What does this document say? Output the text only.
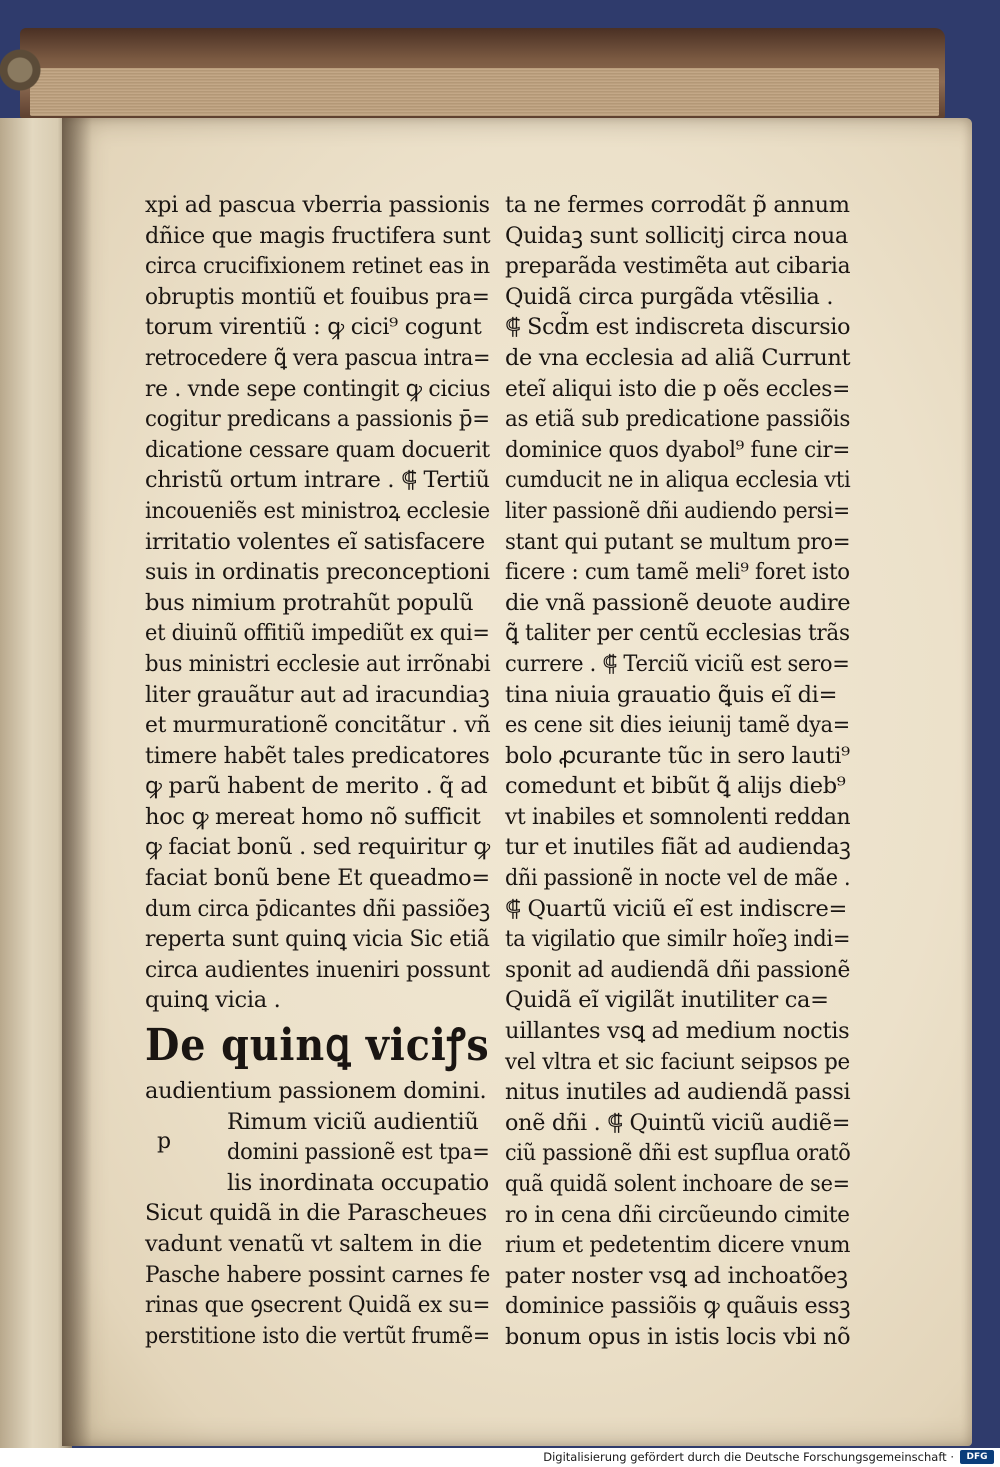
xpi ad pascua vberria passionis
dñice que magis fructifera sunt
circa crucifixionem retinet eas in
obruptis montiũ et fouibus pra=
torum virentiũ : ꝙ cici⁹ cogunt
retrocedere ꝗ̃ vera pascua intra=
re . vnde sepe contingit ꝙ cicius
cogitur predicans a passionis p̄=
dicatione cessare quam docuerit
christũ ortum intrare . ⸿ Tertiũ
incoueniẽs est ministroꝝ ecclesie
irritatio volentes eĩ satisfacere
suis in ordinatis preconceptioni
bus nimium protrahũt populũ
et diuinũ offitiũ impediũt ex qui=
bus ministri ecclesie aut irrõnabi
liter grauãtur aut ad iracundiaꝫ
et murmurationẽ concitãtur . vñ
timere habẽt tales predicatores
ꝙ parũ habent de merito . q̃ ad
hoc ꝙ mereat homo nõ sufficit
ꝙ faciat bonũ . sed requiritur ꝙ
faciat bonũ bene Et queadmo=
dum circa p̄dicantes dñi passiõeꝫ
reperta sunt quinꝗ vicia Sic etiã
circa audientes inueniri possunt
quinꝗ vicia .
De quinꝗ viciꝭs
audientium passionem domini.
p
Rimum viciũ audientiũ
domini passionẽ est tpa=
lis inordinata occupatio
Sicut quidã in die Parascheues
vadunt venatũ vt saltem in die
Pasche habere possint carnes fe
rinas que ꝯsecrent Quidã ex su=
perstitione isto die vertũt frumẽ=
ta ne fermes corrodãt p̃ annum
Quidaꝫ sunt sollicitj circa noua
preparãda vestimẽta aut cibaria
Quidã circa purgãda vtẽsilia .
⸿ Scd̃m est indiscreta discursio
de vna ecclesia ad aliã Currunt
eteĩ aliqui isto die p oẽs eccles=
as etiã sub predicatione passiõis
dominice quos dyabol⁹ fune cir=
cumducit ne in aliqua ecclesia vti
liter passionẽ dñi audiendo persi=
stant qui putant se multum pro=
ficere : cum tamẽ meli⁹ foret isto
die vnã passionẽ deuote audire
ꝗ̃ taliter per centũ ecclesias trãs
currere . ⸿ Terciũ viciũ est sero=
tina niuia grauatio ꝗ̃uis eĩ di=
es cene sit dies ieiunij tamẽ dya=
bolo ꝓcurante tũc in sero lauti⁹
comedunt et bibũt ꝗ̃ alijs dieb⁹
vt inabiles et somnolenti reddan
tur et inutiles fiãt ad audiendaꝫ
dñi passionẽ in nocte vel de mãe .
⸿ Quartũ viciũ eĩ est indiscre=
ta vigilatio que similr hoĩeꝫ indi=
sponit ad audiendã dñi passionẽ
Quidã eĩ vigilãt inutiliter ca=
uillantes vsꝗ ad medium noctis
vel vltra et sic faciunt seipsos pe
nitus inutiles ad audiendã passi
onẽ dñi . ⸿ Quintũ viciũ audiẽ=
ciũ passionẽ dñi est supflua oratõ
quã quidã solent inchoare de se=
ro in cena dñi circũeundo cimite
rium et pedetentim dicere vnum
pater noster vsꝗ ad inchoatõeꝫ
dominice passiõis ꝙ quãuis essꝫ
bonum opus in istis locis vbi nõ
Digitalisierung gefördert durch die Deutsche Forschungsgemeinschaft ·	DFG
